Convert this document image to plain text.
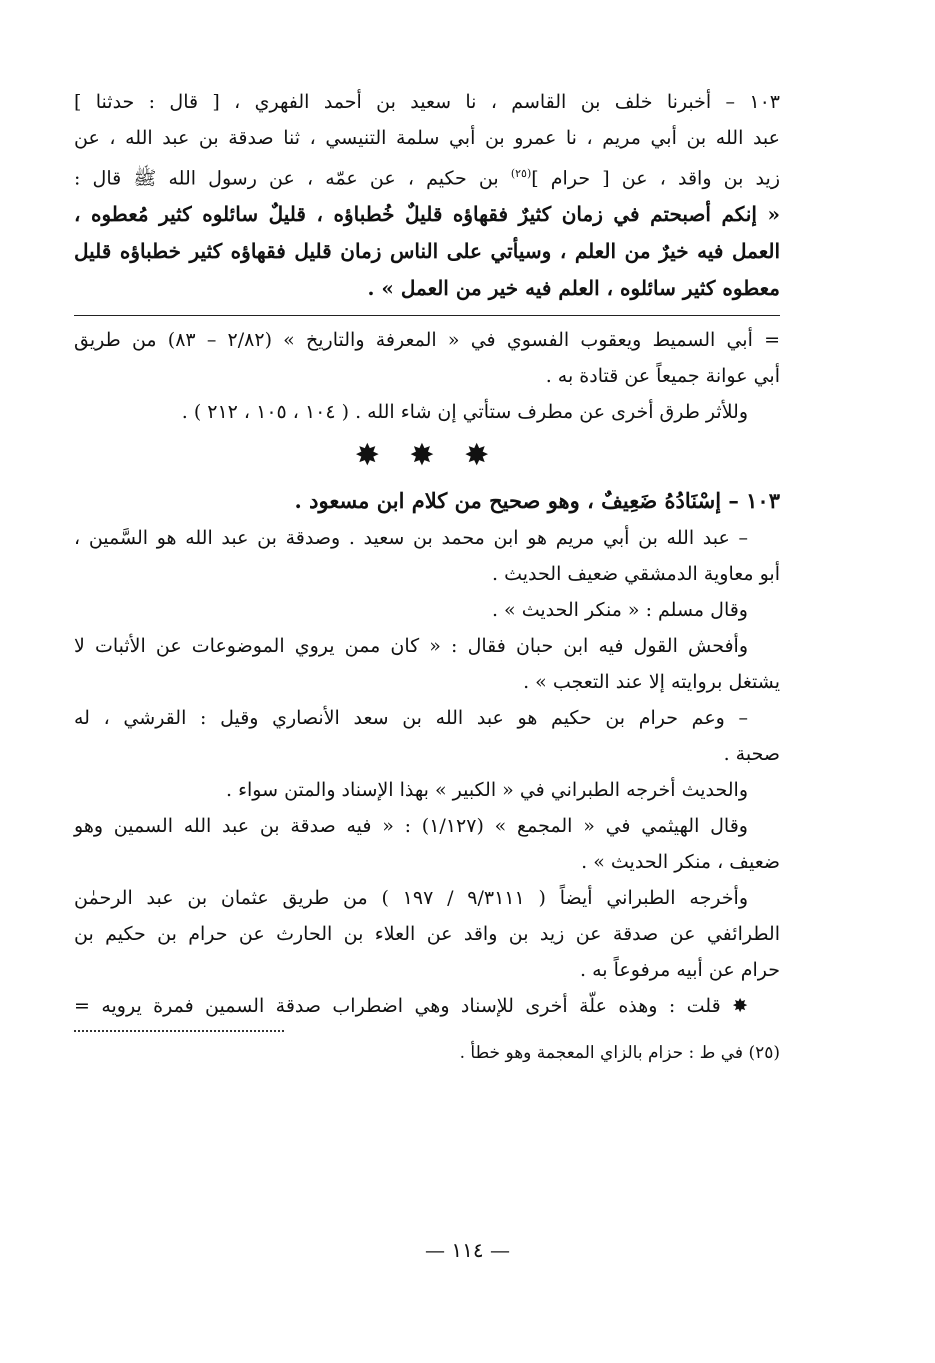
١٠٣ – أخبرنا خلف بن القاسم ، نا سعيد بن أحمد الفهري ، [ قال : حدثنا ]

عبد الله بن أبي مريم ، نا عمرو بن أبي سلمة التنيسي ، ثنا صدقة بن عبد الله ، عن

زيد بن واقد ، عن [ حرام ]$^{(٢٥)}$ بن حكيم ، عن عمّه ، عن رسول الله ﷺ قال :

« إنكم أصبحتم في زمان كثيرٌ فقهاؤه قليلٌ خُطباؤه ، قليلٌ سائلوه كثير مُعطوه ،

العمل فيه خيرٌ من العلم ، وسيأتي على الناس زمان قليل فقهاؤه كثير خطباؤه قليل

معطوه كثير سائلوه ، العلم فيه خير من العمل » .

= أبي السميط ويعقوب الفسوي في « المعرفة والتاريخ » (٢/٨٢ – ٨٣) من طريق

أبي عوانة جميعاً عن قتادة به .

وللأثر طرق أخرى عن مطرف ستأتي إن شاء الله . ( ١٠٤ ، ١٠٥ ، ٢١٢ ) .

✸ ✸ ✸

١٠٣ – إسْنَادُهُ ضَعِيفٌ ، وهو صحيح من كلام ابن مسعود .

– عبد الله بن أبي مريم هو ابن محمد بن سعيد . وصدقة بن عبد الله هو السَّمين ،

أبو معاوية الدمشقي ضعيف الحديث .

وقال مسلم : « منكر الحديث » .

وأفحش القول فيه ابن حبان فقال : « كان ممن يروي الموضوعات عن الأثبات لا

يشتغل بروايته إلا عند التعجب » .

– وعم حرام بن حكيم هو عبد الله بن سعد الأنصاري وقيل : القرشي ، له

صحبة .

والحديث أخرجه الطبراني في « الكبير » بهذا الإسناد والمتن سواء .

وقال الهيثمي في « المجمع » (١/١٢٧) : « فيه صدقة بن عبد الله السمين وهو

ضعيف ، منكر الحديث » .

وأخرجه الطبراني أيضاً ( ٩/٣١١١ / ١٩٧ ) من طريق عثمان بن عبد الرحمٰن

الطرائفي عن صدقة عن زيد بن واقد عن العلاء بن الحارث عن حرام بن حكيم بن

حرام عن أبيه مرفوعاً به .

✸ قلت : وهذه علّة أخرى للإسناد وهي اضطراب صدقة السمين فمرة يرويه =

(٢٥) في ط : حزام بالزاي المعجمة وهو خطأ .

— ١١٤ —
